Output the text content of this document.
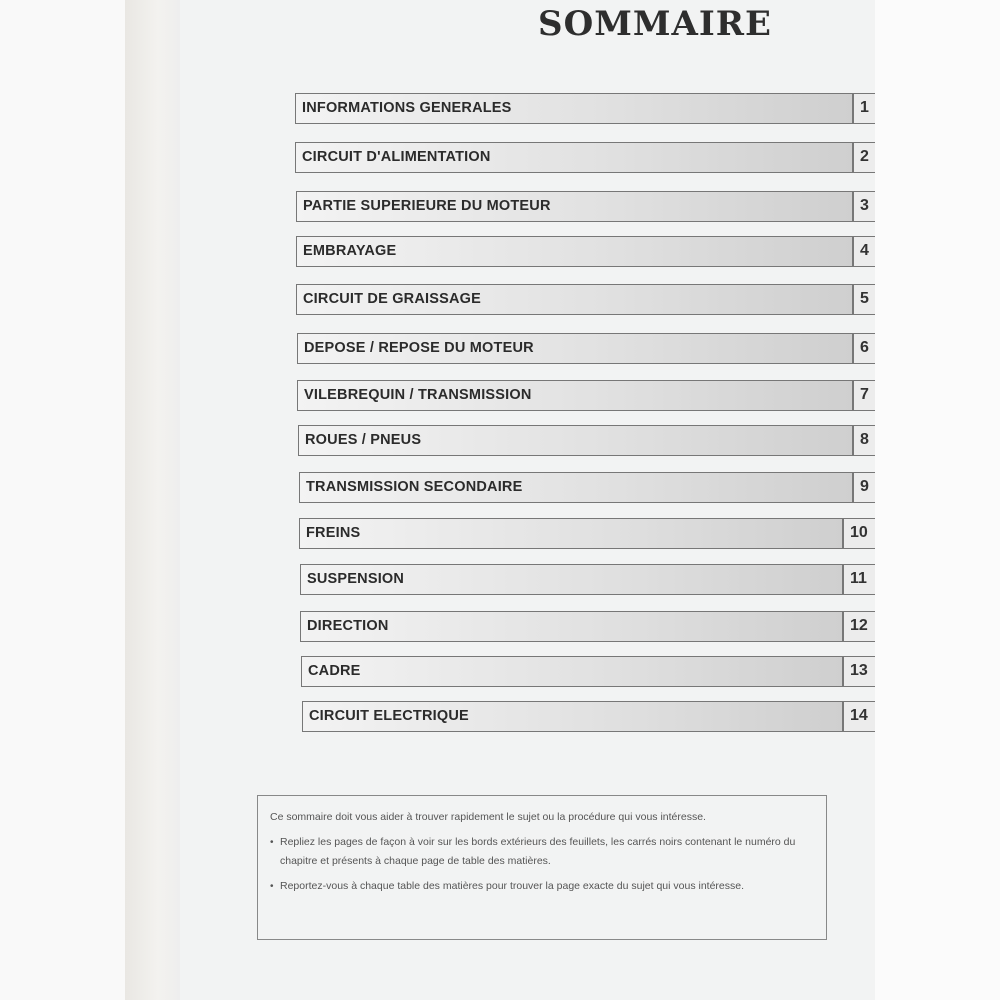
SOMMAIRE
INFORMATIONS GENERALES	1
CIRCUIT D'ALIMENTATION	2
PARTIE SUPERIEURE DU MOTEUR	3
EMBRAYAGE	4
CIRCUIT DE GRAISSAGE	5
DEPOSE / REPOSE DU MOTEUR	6
VILEBREQUIN / TRANSMISSION	7
ROUES / PNEUS	8
TRANSMISSION SECONDAIRE	9
FREINS	10
SUSPENSION	11
DIRECTION	12
CADRE	13
CIRCUIT ELECTRIQUE	14

Ce sommaire doit vous aider à trouver rapidement le sujet ou la procédure qui vous intéresse.

• Repliez les pages de façon à voir sur les bords extérieurs des feuillets, les carrés noirs contenant le numéro du chapitre et présents à chaque page de table des matières.

• Reportez-vous à chaque table des matières pour trouver la page exacte du sujet qui vous intéresse.
